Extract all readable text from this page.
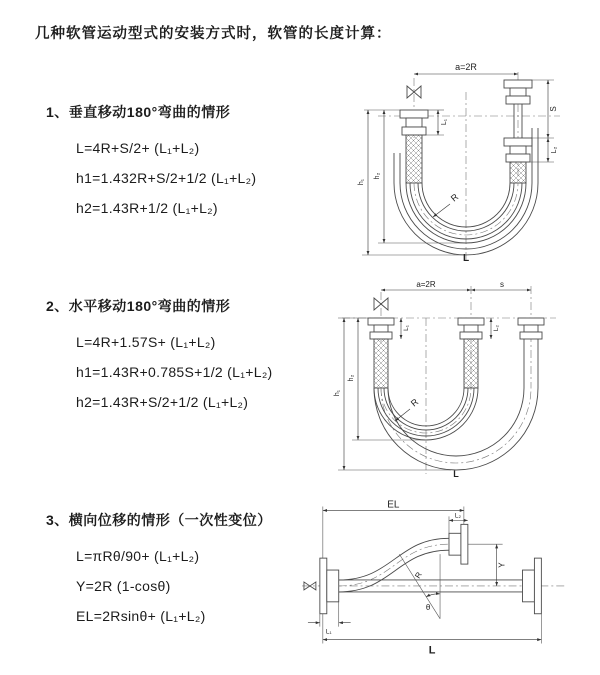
几种软管运动型式的安装方式时，软管的长度计算：
1、垂直移动180°弯曲的情形
L=4R+S/2+ (L₁+L₂)
h1=1.432R+S/2+1/2 (L₁+L₂)
h2=1.43R+1/2 (L₁+L₂)
2、水平移动180°弯曲的情形
L=4R+1.57S+ (L₁+L₂)
h1=1.43R+0.785S+1/2 (L₁+L₂)
h2=1.43R+S/2+1/2 (L₁+L₂)
3、横向位移的情形（一次性变位）
L=πRθ/90+ (L₁+L₂)
Y=2R (1-cosθ)
EL=2Rsinθ+ (L₁+L₂)
a=2R
L₁
S
L₂
h₂
h₁
R
L
a=2R	s
L₁	L₂
h₂
h₁
R
L
EL
L₂
Y
θ
R
L₁
L
